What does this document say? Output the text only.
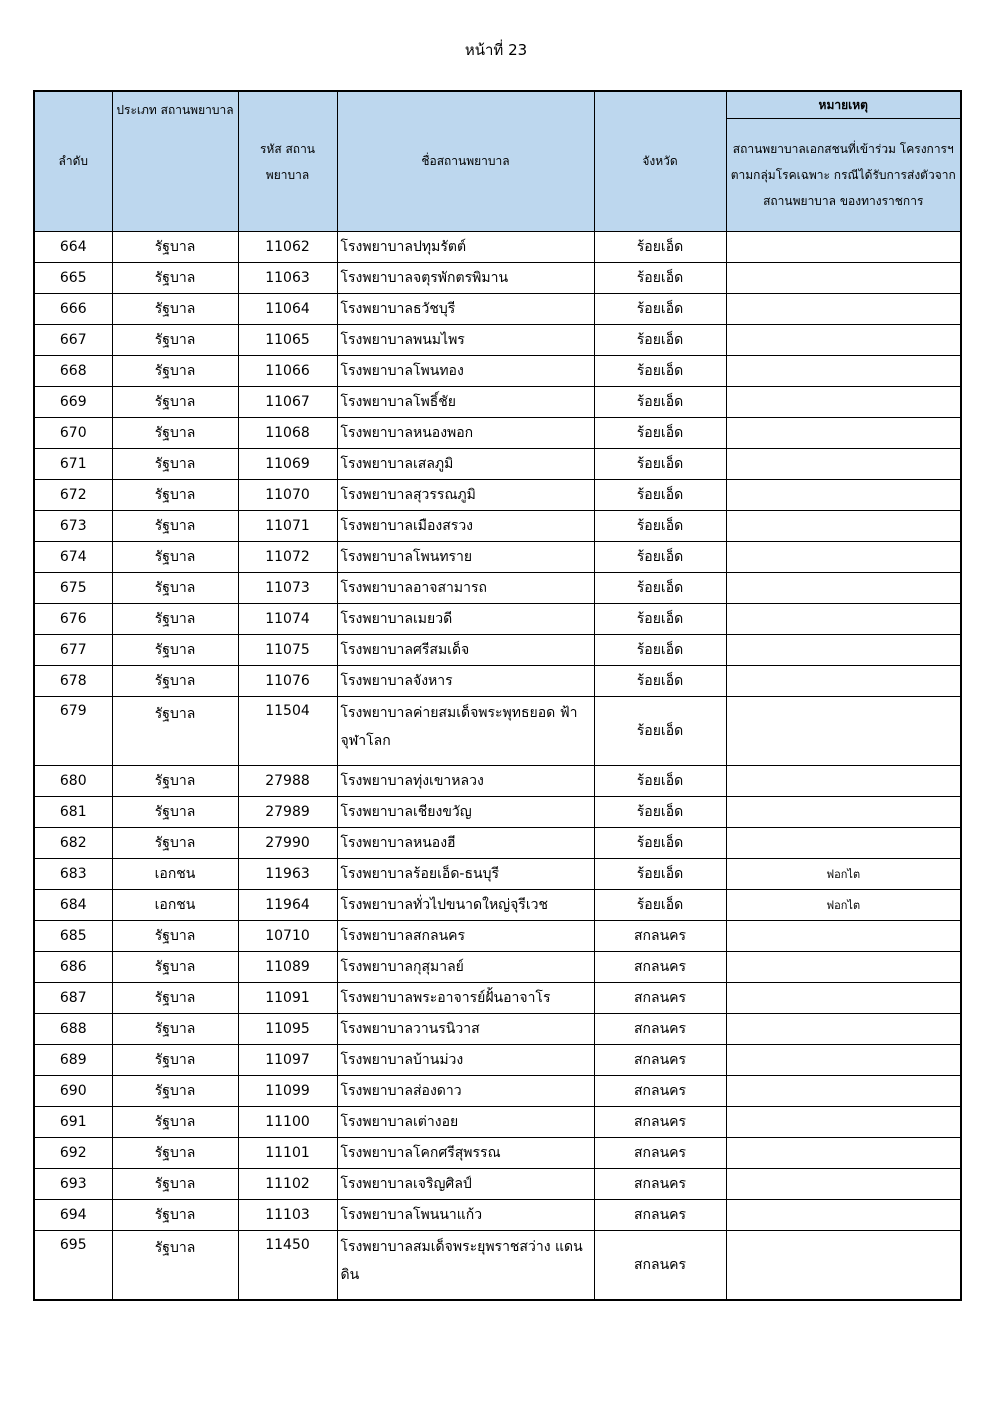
หน้าที่ 23
ลำดับ	ประเภท สถานพยาบาล	รหัส สถานพยาบาล	ชื่อสถานพยาบาล	จังหวัด	หมายเหตุ
					สถานพยาบาลเอกสชนที่เข้าร่วม โครงการฯ ตามกลุ่มโรคเฉพาะ กรณีได้รับการส่งตัวจากสถานพยาบาล ของทางราชการ
664	รัฐบาล	11062	โรงพยาบาลปทุมรัตต์	ร้อยเอ็ด	
665	รัฐบาล	11063	โรงพยาบาลจตุรพักตรพิมาน	ร้อยเอ็ด	
666	รัฐบาล	11064	โรงพยาบาลธวัชบุรี	ร้อยเอ็ด	
667	รัฐบาล	11065	โรงพยาบาลพนมไพร	ร้อยเอ็ด	
668	รัฐบาล	11066	โรงพยาบาลโพนทอง	ร้อยเอ็ด	
669	รัฐบาล	11067	โรงพยาบาลโพธิ์ชัย	ร้อยเอ็ด	
670	รัฐบาล	11068	โรงพยาบาลหนองพอก	ร้อยเอ็ด	
671	รัฐบาล	11069	โรงพยาบาลเสลภูมิ	ร้อยเอ็ด	
672	รัฐบาล	11070	โรงพยาบาลสุวรรณภูมิ	ร้อยเอ็ด	
673	รัฐบาล	11071	โรงพยาบาลเมืองสรวง	ร้อยเอ็ด	
674	รัฐบาล	11072	โรงพยาบาลโพนทราย	ร้อยเอ็ด	
675	รัฐบาล	11073	โรงพยาบาลอาจสามารถ	ร้อยเอ็ด	
676	รัฐบาล	11074	โรงพยาบาลเมยวดี	ร้อยเอ็ด	
677	รัฐบาล	11075	โรงพยาบาลศรีสมเด็จ	ร้อยเอ็ด	
678	รัฐบาล	11076	โรงพยาบาลจังหาร	ร้อยเอ็ด	
679	รัฐบาล	11504	โรงพยาบาลค่ายสมเด็จพระพุทธยอด ฟ้าจุฬาโลก	ร้อยเอ็ด	
680	รัฐบาล	27988	โรงพยาบาลทุ่งเขาหลวง	ร้อยเอ็ด	
681	รัฐบาล	27989	โรงพยาบาลเชียงขวัญ	ร้อยเอ็ด	
682	รัฐบาล	27990	โรงพยาบาลหนองฮี	ร้อยเอ็ด	
683	เอกชน	11963	โรงพยาบาลร้อยเอ็ด-ธนบุรี	ร้อยเอ็ด	ฟอกไต
684	เอกชน	11964	โรงพยาบาลทั่วไปขนาดใหญ่จุรีเวช	ร้อยเอ็ด	ฟอกไต
685	รัฐบาล	10710	โรงพยาบาลสกลนคร	สกลนคร	
686	รัฐบาล	11089	โรงพยาบาลกุสุมาลย์	สกลนคร	
687	รัฐบาล	11091	โรงพยาบาลพระอาจารย์ฝั้นอาจาโร	สกลนคร	
688	รัฐบาล	11095	โรงพยาบาลวานรนิวาส	สกลนคร	
689	รัฐบาล	11097	โรงพยาบาลบ้านม่วง	สกลนคร	
690	รัฐบาล	11099	โรงพยาบาลส่องดาว	สกลนคร	
691	รัฐบาล	11100	โรงพยาบาลเต่างอย	สกลนคร	
692	รัฐบาล	11101	โรงพยาบาลโคกศรีสุพรรณ	สกลนคร	
693	รัฐบาล	11102	โรงพยาบาลเจริญศิลป์	สกลนคร	
694	รัฐบาล	11103	โรงพยาบาลโพนนาแก้ว	สกลนคร	
695	รัฐบาล	11450	โรงพยาบาลสมเด็จพระยุพราชสว่าง แดนดิน	สกลนคร	
